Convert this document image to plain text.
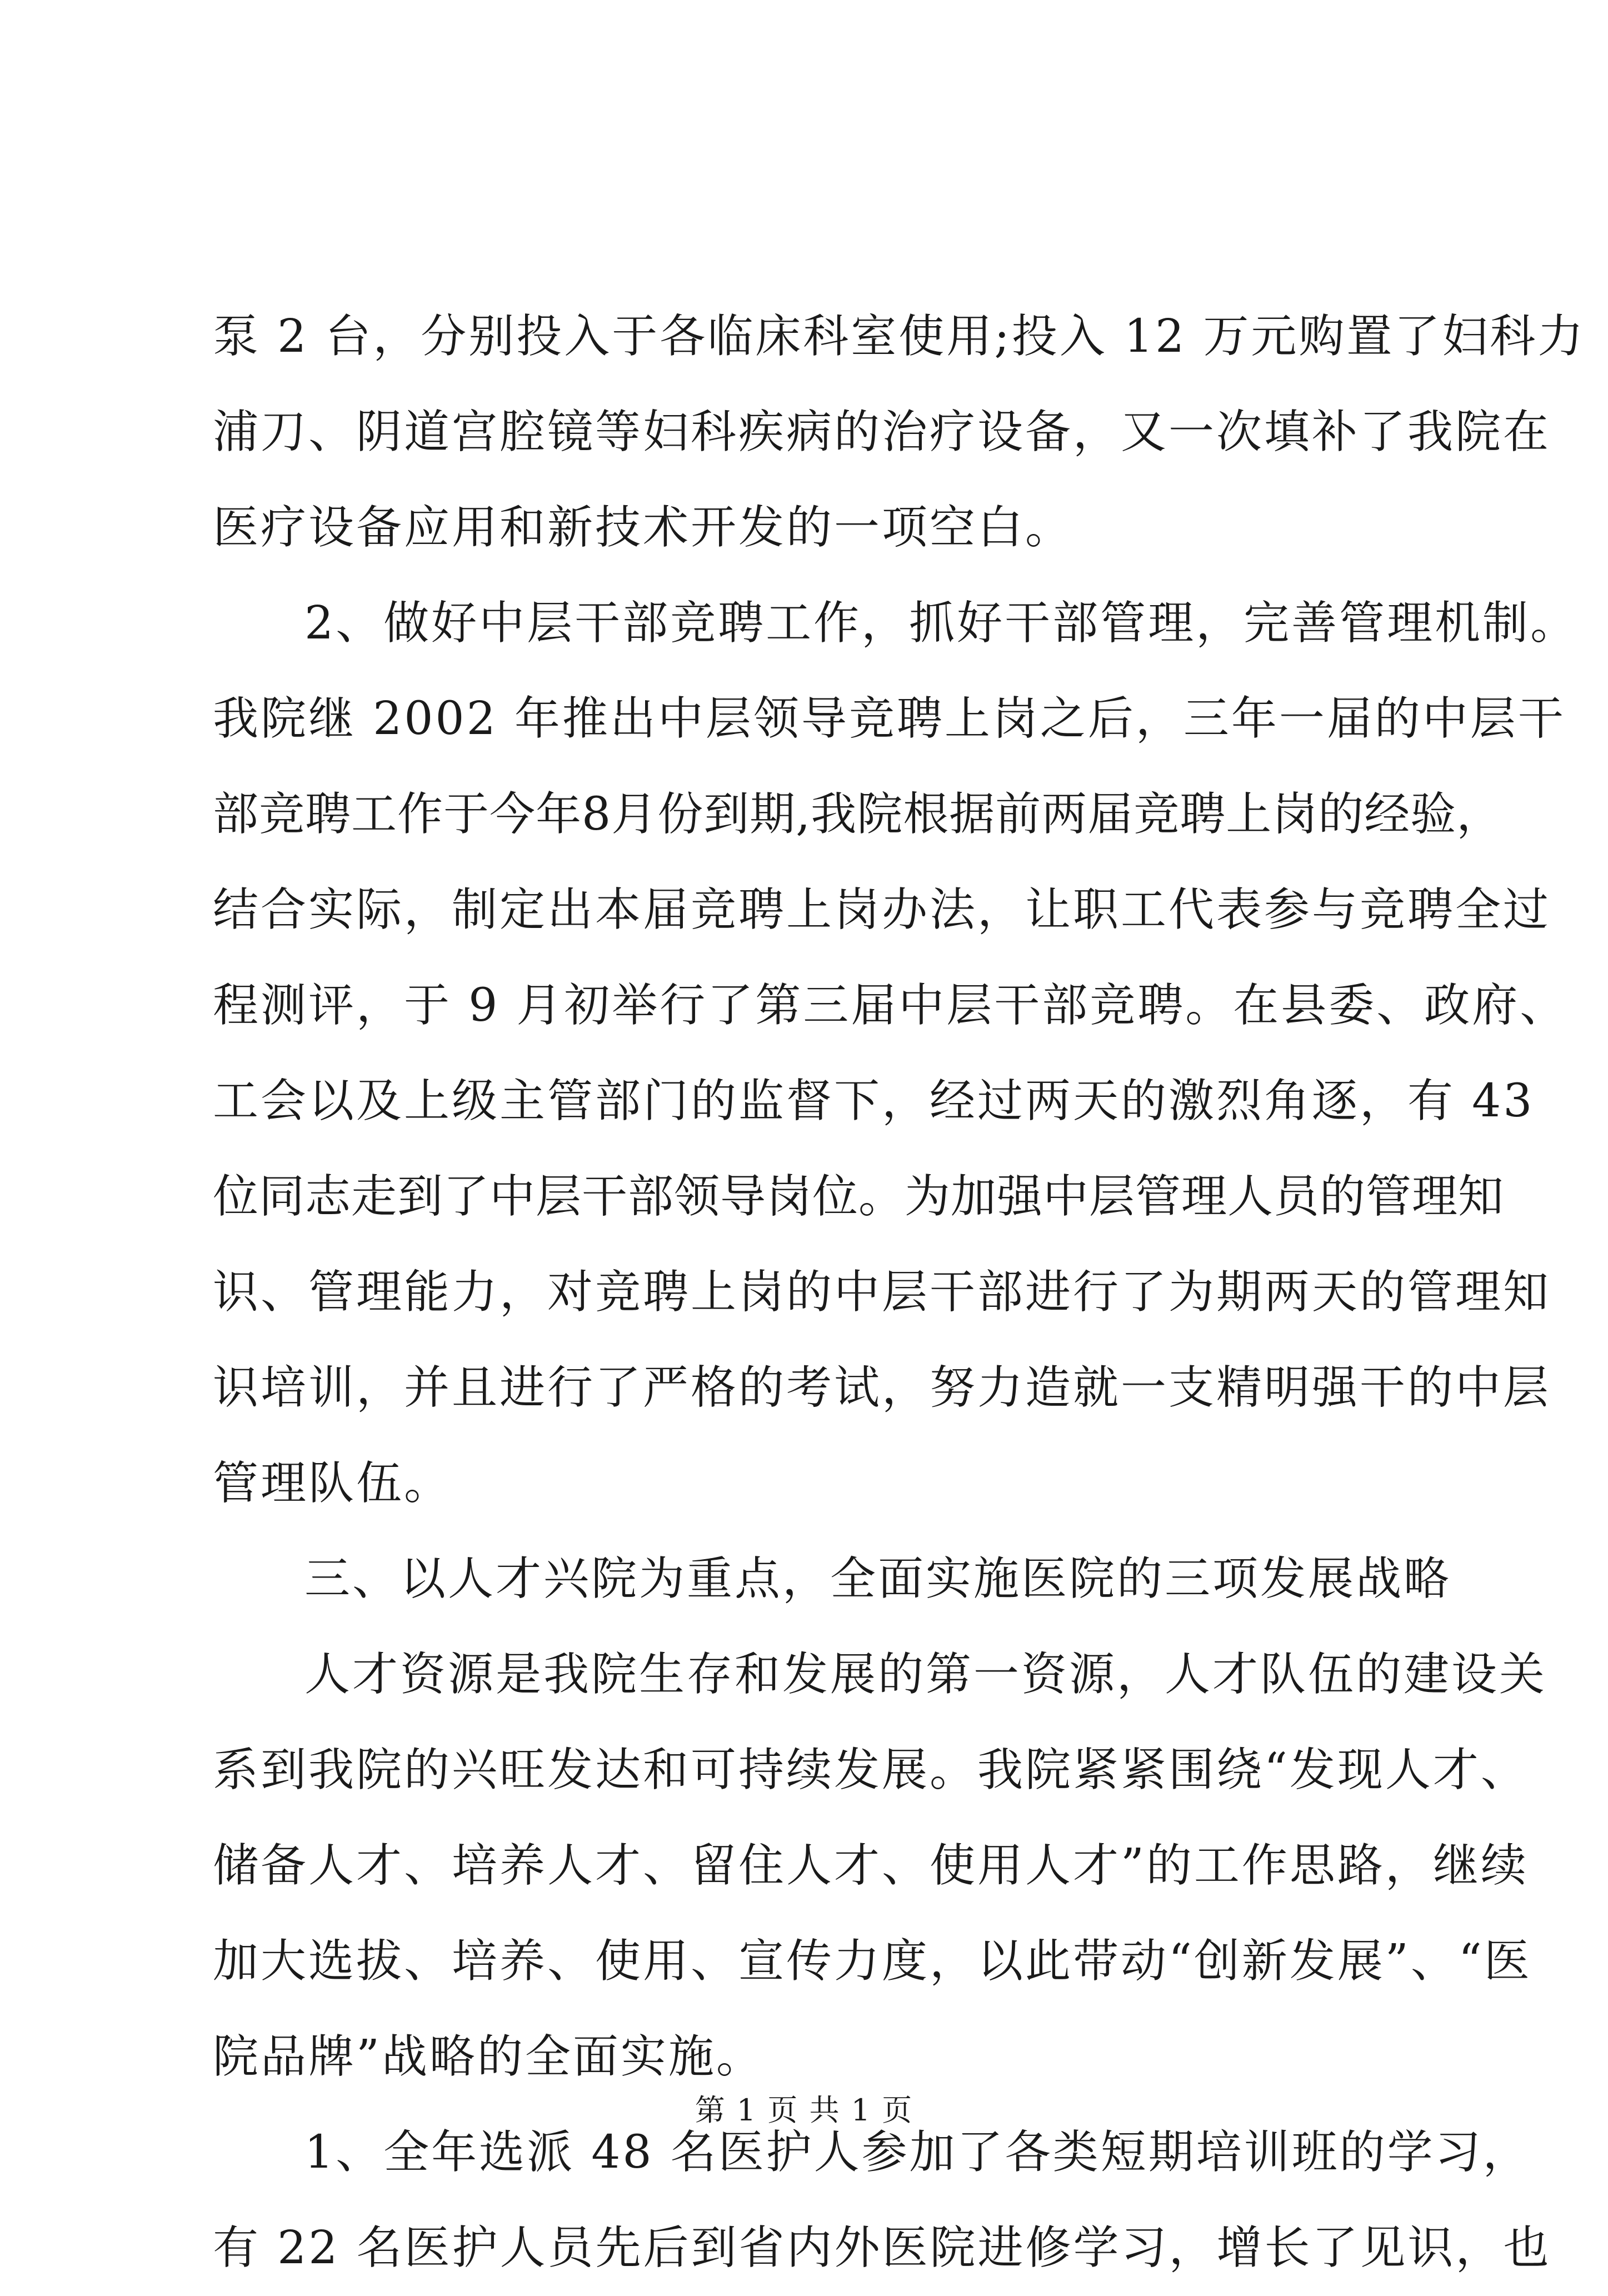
泵 2 台，分别投入于各临床科室使用;投入 12 万元购置了妇科力
浦刀、阴道宫腔镜等妇科疾病的治疗设备，又一次填补了我院在
医疗设备应用和新技术开发的一项空白。
2、做好中层干部竞聘工作，抓好干部管理，完善管理机制。
我院继 2002 年推出中层领导竞聘上岗之后，三年一届的中层干
部竞聘工作于今年8月份到期,我院根据前两届竞聘上岗的经验，
结合实际，制定出本届竞聘上岗办法，让职工代表参与竞聘全过
程测评，于 9 月初举行了第三届中层干部竞聘。在县委、政府、
工会以及上级主管部门的监督下，经过两天的激烈角逐，有 43
位同志走到了中层干部领导岗位。为加强中层管理人员的管理知
识、管理能力，对竞聘上岗的中层干部进行了为期两天的管理知
识培训，并且进行了严格的考试，努力造就一支精明强干的中层
管理队伍。
三、以人才兴院为重点，全面实施医院的三项发展战略
人才资源是我院生存和发展的第一资源，人才队伍的建设关
系到我院的兴旺发达和可持续发展。我院紧紧围绕“发现人才、
储备人才、培养人才、留住人才、使用人才”的工作思路，继续
加大选拔、培养、使用、宣传力度，以此带动“创新发展”、“医
院品牌”战略的全面实施。
1、全年选派 48 名医护人参加了各类短期培训班的学习，
有 22 名医护人员先后到省内外医院进修学习，增长了见识，也
第 1 页 共 1 页
